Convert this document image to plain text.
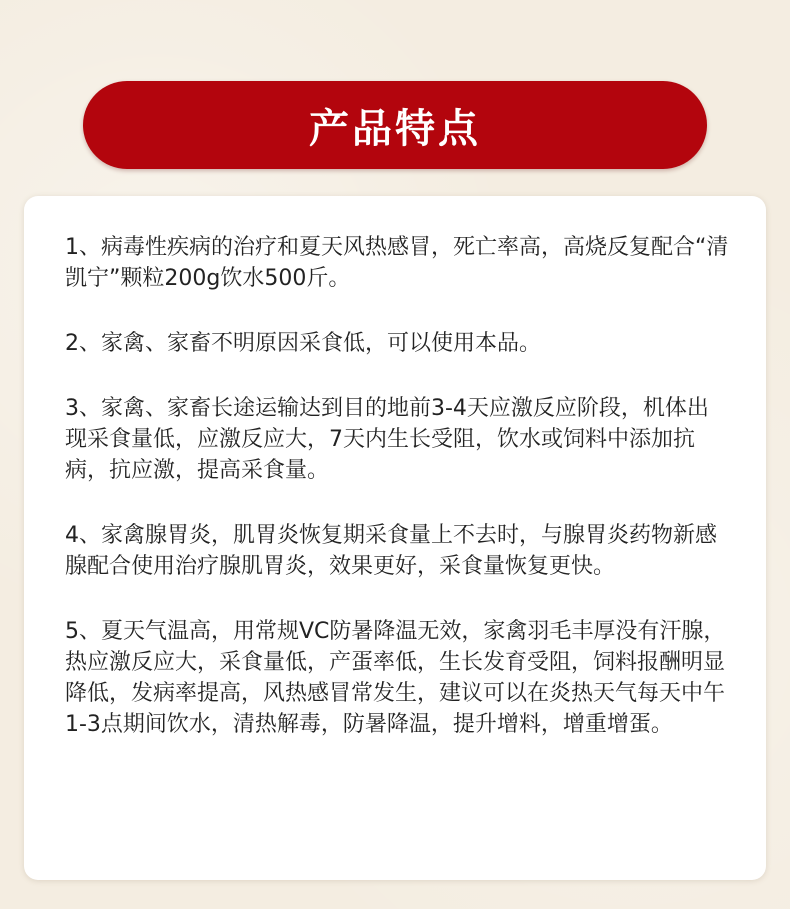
产品特点

1、病毒性疾病的治疗和夏天风热感冒，死亡率高，高烧反复配合“清凯宁”颗粒200g饮水500斤。

2、家禽、家畜不明原因采食低，可以使用本品。

3、家禽、家畜长途运输达到目的地前3-4天应激反应阶段，机体出现采食量低，应激反应大，7天内生长受阻，饮水或饲料中添加抗病，抗应激，提高采食量。

4、家禽腺胃炎，肌胃炎恢复期采食量上不去时，与腺胃炎药物新感腺配合使用治疗腺肌胃炎，效果更好，采食量恢复更快。

5、夏天气温高，用常规VC防暑降温无效，家禽羽毛丰厚没有汗腺，热应激反应大，采食量低，产蛋率低，生长发育受阻，饲料报酬明显降低，发病率提高，风热感冒常发生，建议可以在炎热天气每天中午1-3点期间饮水，清热解毒，防暑降温，提升增料，增重增蛋。
